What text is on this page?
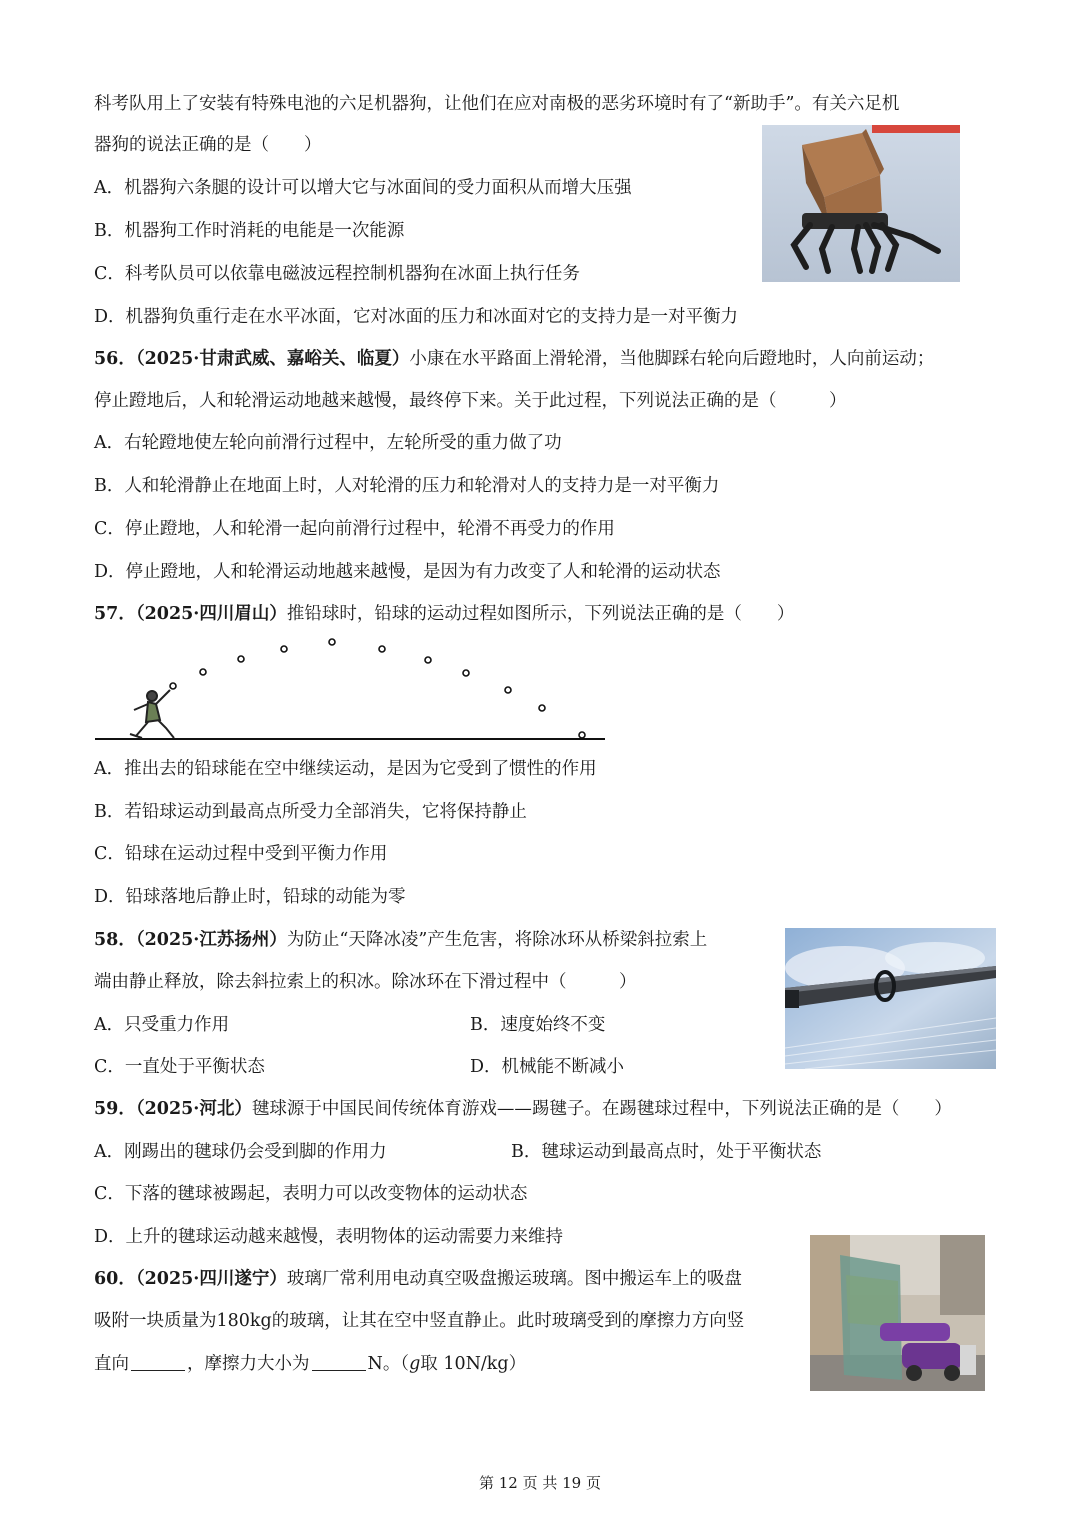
科考队用上了安装有特殊电池的六足机器狗，让他们在应对南极的恶劣环境时有了“新助手”。有关六足机
器狗的说法正确的是（　　）
A．机器狗六条腿的设计可以增大它与冰面间的受力面积从而增大压强
B．机器狗工作时消耗的电能是一次能源
C．科考队员可以依靠电磁波远程控制机器狗在冰面上执行任务
D．机器狗负重行走在水平冰面，它对冰面的压力和冰面对它的支持力是一对平衡力
56．（2025·甘肃武威、嘉峪关、临夏）小康在水平路面上滑轮滑，当他脚踩右轮向后蹬地时，人向前运动；
停止蹬地后，人和轮滑运动地越来越慢，最终停下来。关于此过程，下列说法正确的是（　　　）
A．右轮蹬地使左轮向前滑行过程中，左轮所受的重力做了功
B．人和轮滑静止在地面上时，人对轮滑的压力和轮滑对人的支持力是一对平衡力
C．停止蹬地，人和轮滑一起向前滑行过程中，轮滑不再受力的作用
D．停止蹬地，人和轮滑运动地越来越慢，是因为有力改变了人和轮滑的运动状态
57．（2025·四川眉山）推铅球时，铅球的运动过程如图所示，下列说法正确的是（　　）
A．推出去的铅球能在空中继续运动，是因为它受到了惯性的作用
B．若铅球运动到最高点所受力全部消失，它将保持静止
C．铅球在运动过程中受到平衡力作用
D．铅球落地后静止时，铅球的动能为零
58．（2025·江苏扬州）为防止“天降冰凌”产生危害，将除冰环从桥梁斜拉索上
端由静止释放，除去斜拉索上的积冰。除冰环在下滑过程中（　　　）
A．只受重力作用	B．速度始终不变
C．一直处于平衡状态	D．机械能不断减小
59．（2025·河北）毽球源于中国民间传统体育游戏——踢毽子。在踢毽球过程中，下列说法正确的是（　　）
A．刚踢出的毽球仍会受到脚的作用力	B．毽球运动到最高点时，处于平衡状态
C．下落的毽球被踢起，表明力可以改变物体的运动状态
D．上升的毽球运动越来越慢，表明物体的运动需要力来维持
60．（2025·四川遂宁）玻璃厂常利用电动真空吸盘搬运玻璃。图中搬运车上的吸盘
吸附一块质量为180kg的玻璃，让其在空中竖直静止。此时玻璃受到的摩擦力方向竖
直向	，摩擦力大小为	N。（g取 10N/kg）
第 12 页 共 19 页
